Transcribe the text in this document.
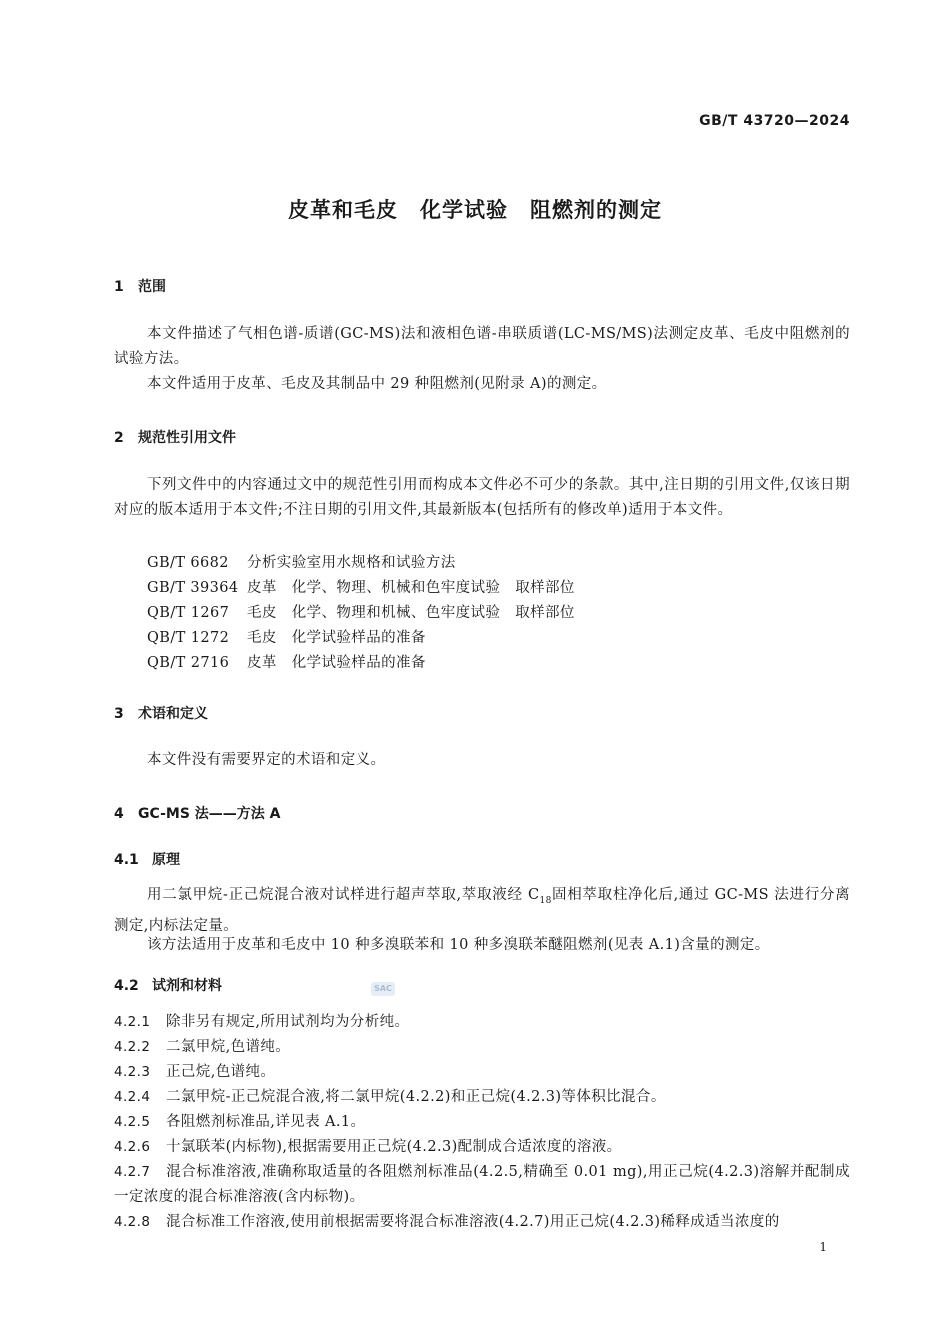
GB/T 43720—2024
皮革和毛皮　化学试验　阻燃剂的测定
1 范围
本文件描述了气相色谱-质谱(GC-MS)法和液相色谱-串联质谱(LC-MS/MS)法测定皮革、毛皮中阻燃剂的试验方法。
本文件适用于皮革、毛皮及其制品中 29 种阻燃剂(见附录 A)的测定。
2 规范性引用文件
下列文件中的内容通过文中的规范性引用而构成本文件必不可少的条款。其中,注日期的引用文件,仅该日期对应的版本适用于本文件;不注日期的引用文件,其最新版本(包括所有的修改单)适用于本文件。
GB/T 6682 分析实验室用水规格和试验方法
GB/T 39364 皮革　化学、物理、机械和色牢度试验　取样部位
QB/T 1267 毛皮　化学、物理和机械、色牢度试验　取样部位
QB/T 1272 毛皮　化学试验样品的准备
QB/T 2716 皮革　化学试验样品的准备
3 术语和定义
本文件没有需要界定的术语和定义。
4 GC-MS 法——方法 A
4.1 原理
用二氯甲烷-正己烷混合液对试样进行超声萃取,萃取液经 $C_{18}$固相萃取柱净化后,通过 GC-MS 法进行分离测定,内标法定量。
该方法适用于皮革和毛皮中 10 种多溴联苯和 10 种多溴联苯醚阻燃剂(见表 A.1)含量的测定。
4.2 试剂和材料	SAC
4.2.1 除非另有规定,所用试剂均为分析纯。
4.2.2 二氯甲烷,色谱纯。
4.2.3 正己烷,色谱纯。
4.2.4 二氯甲烷-正己烷混合液,将二氯甲烷(4.2.2)和正己烷(4.2.3)等体积比混合。
4.2.5 各阻燃剂标准品,详见表 A.1。
4.2.6 十氯联苯(内标物),根据需要用正己烷(4.2.3)配制成合适浓度的溶液。
4.2.7 混合标准溶液,准确称取适量的各阻燃剂标准品(4.2.5,精确至 0.01 mg),用正己烷(4.2.3)溶解并配制成一定浓度的混合标准溶液(含内标物)。
4.2.8 混合标准工作溶液,使用前根据需要将混合标准溶液(4.2.7)用正己烷(4.2.3)稀释成适当浓度的
1
